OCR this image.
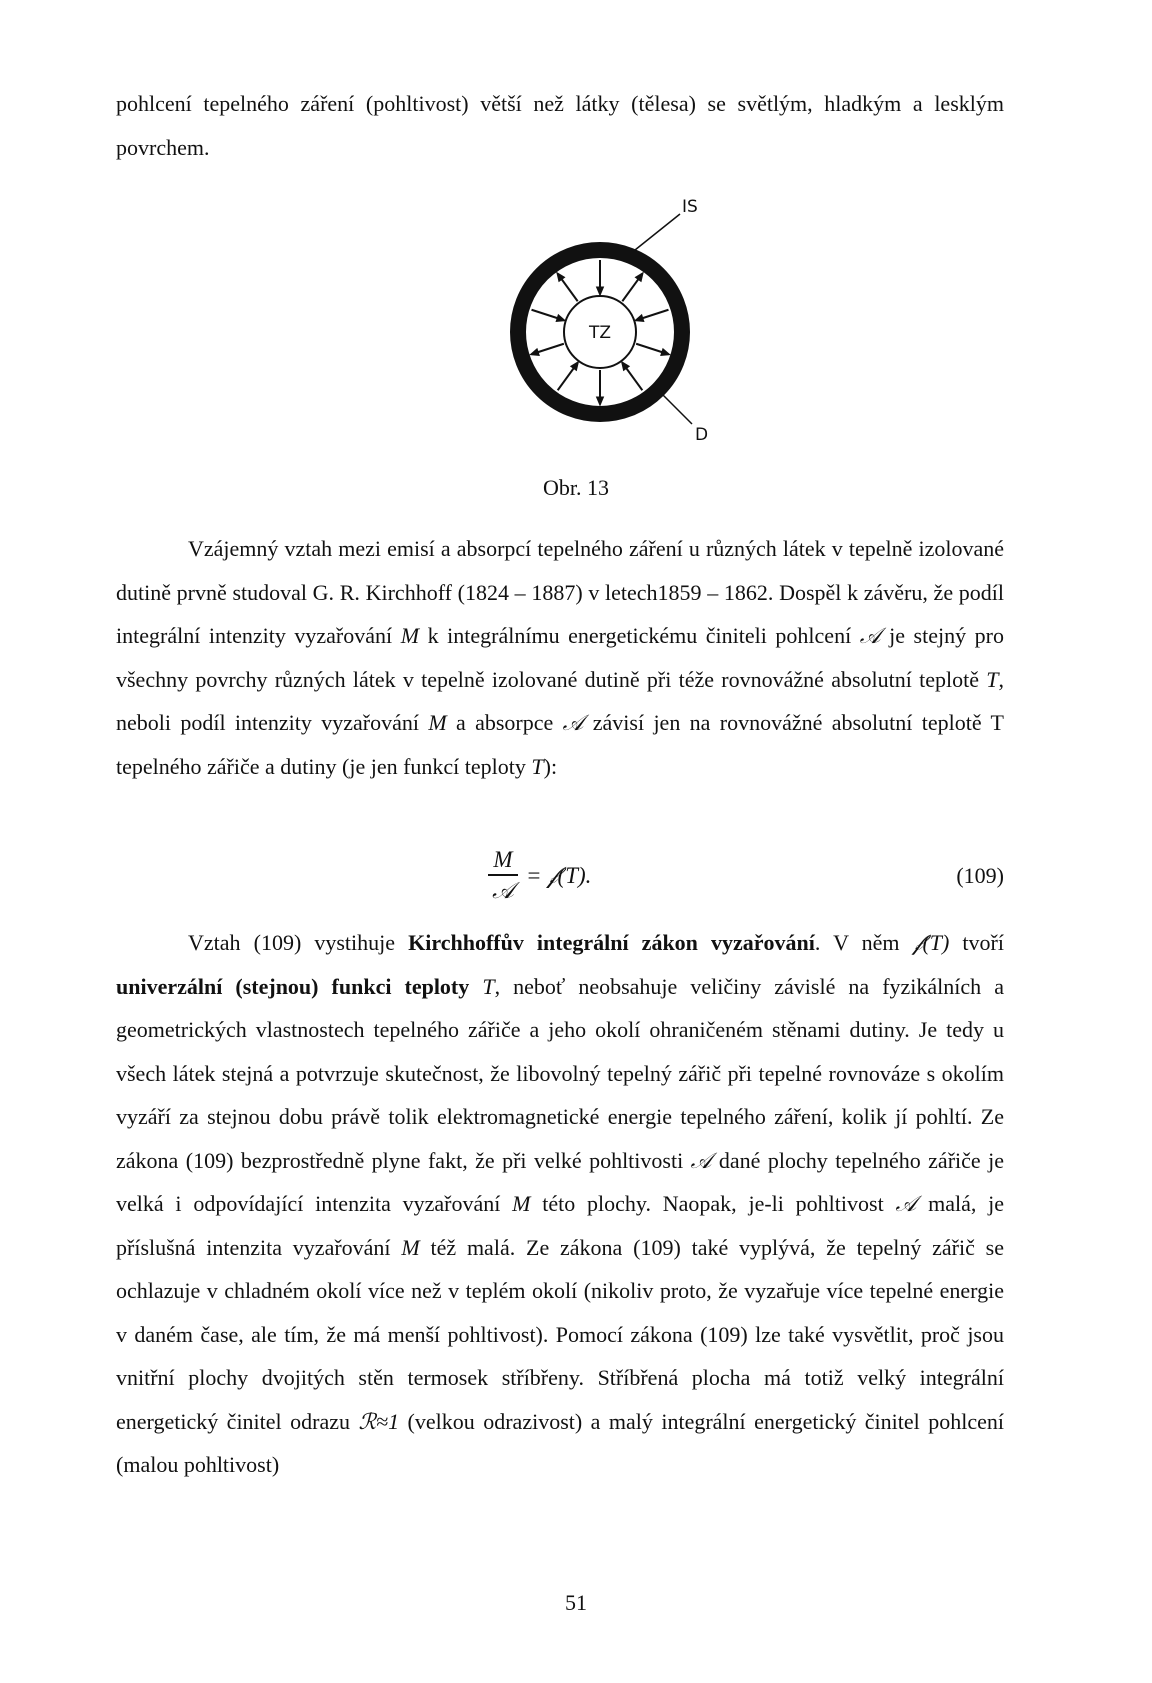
pohlcení tepelného záření (pohltivost) větší než látky (tělesa) se světlým, hladkým a lesklým povrchem.

IS
TZ
D
Obr. 13

Vzájemný vztah mezi emisí a absorpcí tepelného záření u různých látek v tepelně izolované dutině prvně studoval G. R. Kirchhoff (1824 – 1887) v letech1859 – 1862. Dospěl k závěru, že podíl integrální intenzity vyzařování M k integrálnímu energetickému činiteli pohlcení 𝒜 je stejný pro všechny povrchy různých látek v tepelně izolované dutině při téže rovnovážné absolutní teplotě T, neboli podíl intenzity vyzařování M a absorpce 𝒜 závisí jen na rovnovážné absolutní teplotě T tepelného zářiče a dutiny (je jen funkcí teploty T):

M
𝒜
= 𝒻(T).	(109)

Vztah (109) vystihuje Kirchhoffův integrální zákon vyzařování. V něm 𝒻(T) tvoří univerzální (stejnou) funkci teploty T, neboť neobsahuje veličiny závislé na fyzikálních a geometrických vlastnostech tepelného zářiče a jeho okolí ohraničeném stěnami dutiny. Je tedy u všech látek stejná a potvrzuje skutečnost, že libovolný tepelný zářič při tepelné rovnováze s okolím vyzáří za stejnou dobu právě tolik elektromagnetické energie tepelného záření, kolik jí pohltí. Ze zákona (109) bezprostředně plyne fakt, že při velké pohltivosti 𝒜 dané plochy tepelného zářiče je velká i odpovídající intenzita vyzařování M této plochy. Naopak, je-li pohltivost 𝒜 malá, je příslušná intenzita vyzařování M též malá. Ze zákona (109) také vyplývá, že tepelný zářič se ochlazuje v chladném okolí více než v teplém okolí (nikoliv proto, že vyzařuje více tepelné energie v daném čase, ale tím, že má menší pohltivost). Pomocí zákona (109) lze také vysvětlit, proč jsou vnitřní plochy dvojitých stěn termosek stříbřeny. Stříbřená plocha má totiž velký integrální energetický činitel odrazu ℛ≈1 (velkou odrazivost) a malý integrální energetický činitel pohlcení (malou pohltivost)

51
